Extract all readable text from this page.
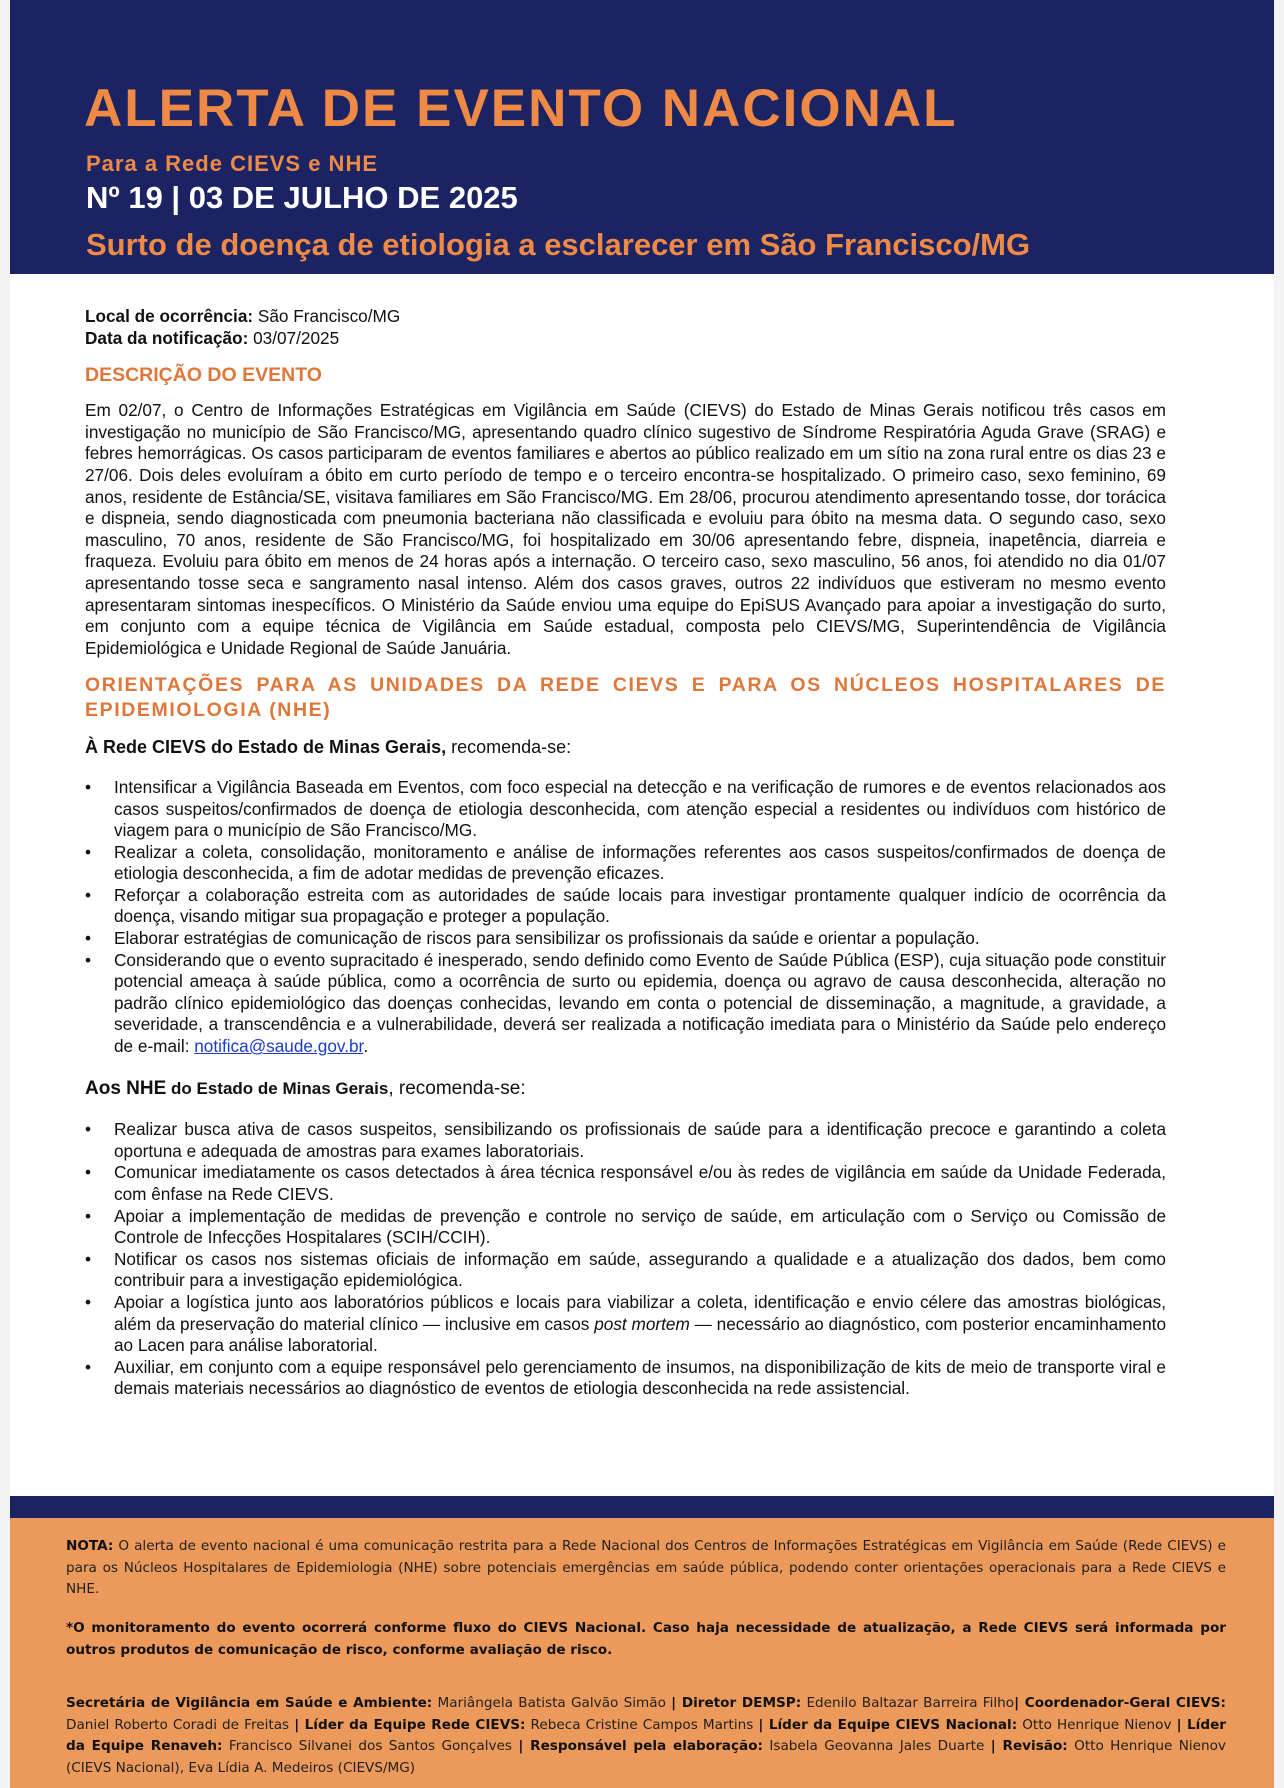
ALERTA DE EVENTO NACIONAL
Para a Rede CIEVS e NHE
Nº 19 | 03 DE JULHO DE 2025
Surto de doença de etiologia a esclarecer em São Francisco/MG

Local de ocorrência: São Francisco/MG

Data da notificação: 03/07/2025

DESCRIÇÃO DO EVENTO

Em 02/07, o Centro de Informações Estratégicas em Vigilância em Saúde (CIEVS) do Estado de Minas Gerais notificou três casos em investigação no município de São Francisco/MG, apresentando quadro clínico sugestivo de Síndrome Respiratória Aguda Grave (SRAG) e febres hemorrágicas. Os casos participaram de eventos familiares e abertos ao público realizado em um sítio na zona rural entre os dias 23 e 27/06. Dois deles evoluíram a óbito em curto período de tempo e o terceiro encontra-se hospitalizado. O primeiro caso, sexo feminino, 69 anos, residente de Estância/SE, visitava familiares em São Francisco/MG. Em 28/06, procurou atendimento apresentando tosse, dor torácica e dispneia, sendo diagnosticada com pneumonia bacteriana não classificada e evoluiu para óbito na mesma data. O segundo caso, sexo masculino, 70 anos, residente de São Francisco/MG, foi hospitalizado em 30/06 apresentando febre, dispneia, inapetência, diarreia e fraqueza. Evoluiu para óbito em menos de 24 horas após a internação. O terceiro caso, sexo masculino, 56 anos, foi atendido no dia 01/07 apresentando tosse seca e sangramento nasal intenso. Além dos casos graves, outros 22 indivíduos que estiveram no mesmo evento apresentaram sintomas inespecíficos. O Ministério da Saúde enviou uma equipe do EpiSUS Avançado para apoiar a investigação do surto, em conjunto com a equipe técnica de Vigilância em Saúde estadual, composta pelo CIEVS/MG, Superintendência de Vigilância Epidemiológica e Unidade Regional de Saúde Januária.

ORIENTAÇÕES PARA AS UNIDADES DA REDE CIEVS E PARA OS NÚCLEOS HOSPITALARES DE EPIDEMIOLOGIA (NHE)

À Rede CIEVS do Estado de Minas Gerais, recomenda-se:

• Intensificar a Vigilância Baseada em Eventos, com foco especial na detecção e na verificação de rumores e de eventos relacionados aos casos suspeitos/confirmados de doença de etiologia desconhecida, com atenção especial a residentes ou indivíduos com histórico de viagem para o município de São Francisco/MG.
• Realizar a coleta, consolidação, monitoramento e análise de informações referentes aos casos suspeitos/confirmados de doença de etiologia desconhecida, a fim de adotar medidas de prevenção eficazes.
• Reforçar a colaboração estreita com as autoridades de saúde locais para investigar prontamente qualquer indício de ocorrência da doença, visando mitigar sua propagação e proteger a população.
• Elaborar estratégias de comunicação de riscos para sensibilizar os profissionais da saúde e orientar a população.
• Considerando que o evento supracitado é inesperado, sendo definido como Evento de Saúde Pública (ESP), cuja situação pode constituir potencial ameaça à saúde pública, como a ocorrência de surto ou epidemia, doença ou agravo de causa desconhecida, alteração no padrão clínico epidemiológico das doenças conhecidas, levando em conta o potencial de disseminação, a magnitude, a gravidade, a severidade, a transcendência e a vulnerabilidade, deverá ser realizada a notificação imediata para o Ministério da Saúde pelo endereço de e-mail: notifica@saude.gov.br.

Aos NHE do Estado de Minas Gerais, recomenda-se:

• Realizar busca ativa de casos suspeitos, sensibilizando os profissionais de saúde para a identificação precoce e garantindo a coleta oportuna e adequada de amostras para exames laboratoriais.
• Comunicar imediatamente os casos detectados à área técnica responsável e/ou às redes de vigilância em saúde da Unidade Federada, com ênfase na Rede CIEVS.
• Apoiar a implementação de medidas de prevenção e controle no serviço de saúde, em articulação com o Serviço ou Comissão de Controle de Infecções Hospitalares (SCIH/CCIH).
• Notificar os casos nos sistemas oficiais de informação em saúde, assegurando a qualidade e a atualização dos dados, bem como contribuir para a investigação epidemiológica.
• Apoiar a logística junto aos laboratórios públicos e locais para viabilizar a coleta, identificação e envio célere das amostras biológicas, além da preservação do material clínico — inclusive em casos post mortem — necessário ao diagnóstico, com posterior encaminhamento ao Lacen para análise laboratorial.
• Auxiliar, em conjunto com a equipe responsável pelo gerenciamento de insumos, na disponibilização de kits de meio de transporte viral e demais materiais necessários ao diagnóstico de eventos de etiologia desconhecida na rede assistencial.

NOTA: O alerta de evento nacional é uma comunicação restrita para a Rede Nacional dos Centros de Informações Estratégicas em Vigilância em Saúde (Rede CIEVS) e para os Núcleos Hospitalares de Epidemiologia (NHE) sobre potenciais emergências em saúde pública, podendo conter orientações operacionais para a Rede CIEVS e NHE.

*O monitoramento do evento ocorrerá conforme fluxo do CIEVS Nacional. Caso haja necessidade de atualização, a Rede CIEVS será informada por outros produtos de comunicação de risco, conforme avaliação de risco.

Secretária de Vigilância em Saúde e Ambiente: Mariângela Batista Galvão Simão | Diretor DEMSP: Edenilo Baltazar Barreira Filho| Coordenador-Geral CIEVS: Daniel Roberto Coradi de Freitas | Líder da Equipe Rede CIEVS: Rebeca Cristine Campos Martins | Líder da Equipe CIEVS Nacional: Otto Henrique Nienov | Líder da Equipe Renaveh: Francisco Silvanei dos Santos Gonçalves | Responsável pela elaboração: Isabela Geovanna Jales Duarte | Revisão: Otto Henrique Nienov (CIEVS Nacional), Eva Lídia A. Medeiros (CIEVS/MG)
